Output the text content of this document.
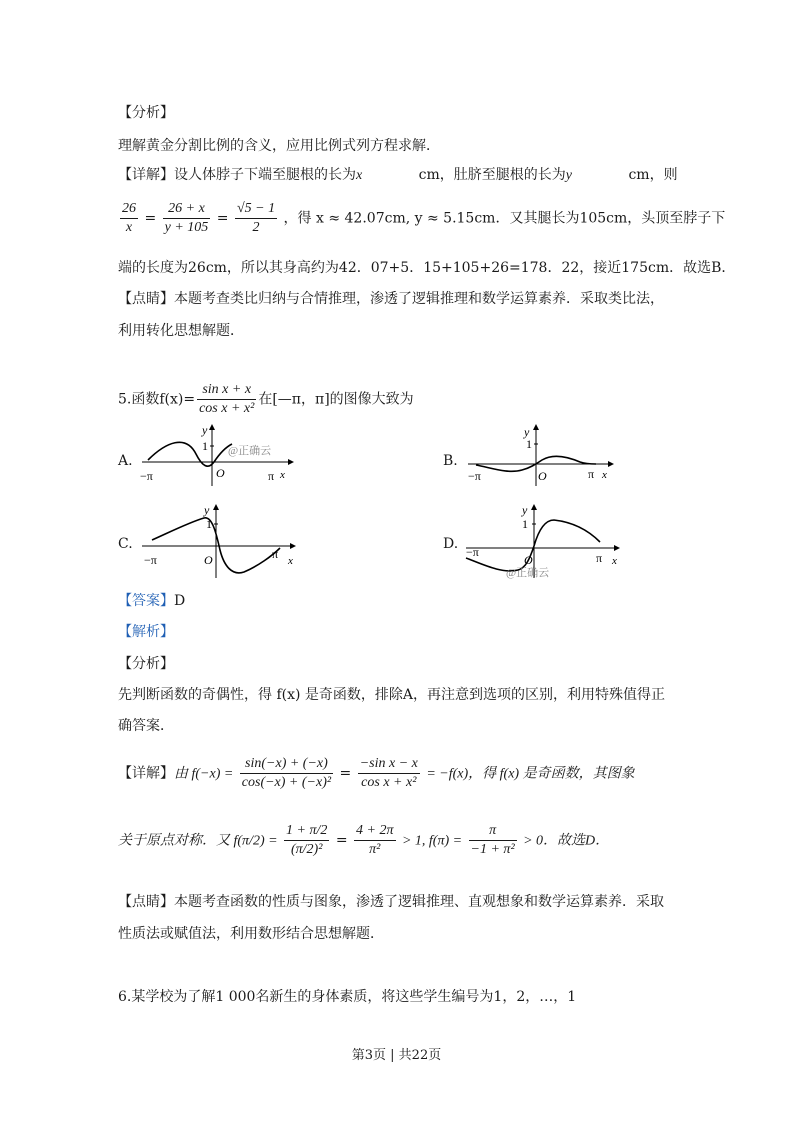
【分析】
理解黄金分割比例的含义，应用比例式列方程求解．
【详解】设人体脖子下端至腿根的长为x	cm，肚脐至腿根的长为y	cm，则
$\frac{26}{x} = \frac{26 + x}{y + 105} = \frac{√5 - 1}{2}$ ，得 x ≈ 42.07cm, y ≈ 5.15cm．又其腿长为105cm，头顶至脖子下
端的长度为26cm，所以其身高约为42．07+5．15+105+26=178．22，接近175cm．故选B．
【点睛】本题考查类比归纳与合情推理，渗透了逻辑推理和数学运算素养．采取类比法，
利用转化思想解题．
5.函数$f(x)= \frac{\text{sin x + x}}{\text{cos x + x²}}$ 在[—π，π]的图像大致为
A.	B.
C.	D.
y
1
O
−π	π x
@正确云
y
1
O
−π	π x
y
1
O
−π	π x
y
1
O
−π	π x
@正确云
【答案】D
【解析】
【分析】
先判断函数的奇偶性，得 f(x) 是奇函数，排除A，再注意到选项的区别，利用特殊值得正
确答案．
【详解】由 $f(-x) = \frac{\sin(-x) + (-x)}{\text{cos(−x) + (−x)²}} = \frac{\text{−sin x − x}}{\text{cos x + x²}} = -f(x)$，得 f(x) 是奇函数，其图象
关于原点对称．又 $f(\pi/2) = \frac{1 + \pi/2}{\text{(π/2)²}} = \frac{4 + 2\pi}{\text{π²}} > 1$, $f(\pi) = \frac{\pi}{\text{−1 + π²}} > 0$．故选D．
【点睛】本题考查函数的性质与图象，渗透了逻辑推理、直观想象和数学运算素养．采取
性质法或赋值法，利用数形结合思想解题．
6.某学校为了解1 000名新生的身体素质，将这些学生编号为1，2，…，1
第3页 | 共22页
